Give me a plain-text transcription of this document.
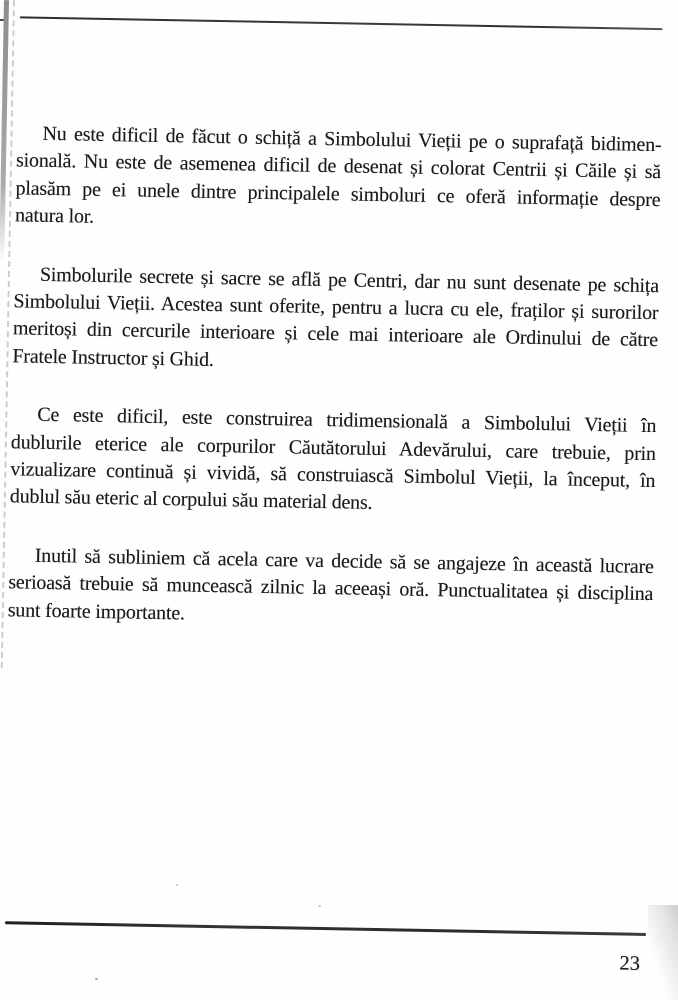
Nu este dificil de făcut o schiță a Simbolului Vieții pe o suprafață bidimen-
sională. Nu este de asemenea dificil de desenat și colorat Centrii și Căile și să
plasăm pe ei unele dintre principalele simboluri ce oferă informație despre
natura lor.
Simbolurile secrete și sacre se află pe Centri, dar nu sunt desenate pe schița
Simbolului Vieții. Acestea sunt oferite, pentru a lucra cu ele, fraților și surorilor
meritoși din cercurile interioare și cele mai interioare ale Ordinului de către
Fratele Instructor și Ghid.
Ce este dificil, este construirea tridimensională a Simbolului Vieții în
dublurile eterice ale corpurilor Căutătorului Adevărului, care trebuie, prin
vizualizare continuă și vividă, să construiască Simbolul Vieții, la început, în
dublul său eteric al corpului său material dens.
Inutil să subliniem că acela care va decide să se angajeze în această lucrare
serioasă trebuie să muncească zilnic la aceeași oră. Punctualitatea și disciplina
sunt foarte importante.
23
